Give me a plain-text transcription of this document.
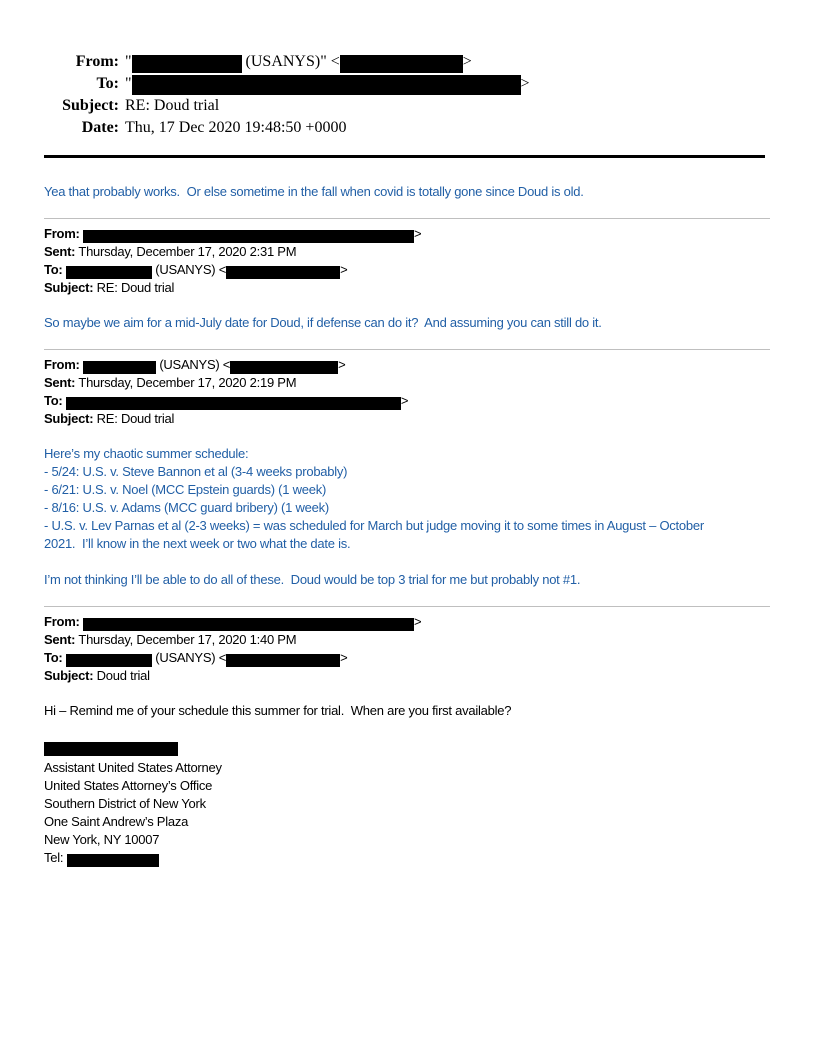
From: "	(USANYS)" <	>
To: "	>
Subject: RE: Doud trial
Date: Thu, 17 Dec 2020 19:48:50 +0000
Yea that probably works.  Or else sometime in the fall when covid is totally gone since Doud is old.
From:	>
Sent: Thursday, December 17, 2020 2:31 PM
To:	(USANYS) <	>
Subject: RE: Doud trial
So maybe we aim for a mid-July date for Doud, if defense can do it?  And assuming you can still do it.
From:	(USANYS) <	>
Sent: Thursday, December 17, 2020 2:19 PM
To:	>
Subject: RE: Doud trial
Here’s my chaotic summer schedule:
- 5/24: U.S. v. Steve Bannon et al (3-4 weeks probably)
- 6/21: U.S. v. Noel (MCC Epstein guards) (1 week)
- 8/16: U.S. v. Adams (MCC guard bribery) (1 week)
- U.S. v. Lev Parnas et al (2-3 weeks) = was scheduled for March but judge moving it to some times in August – October
2021.  I’ll know in the next week or two what the date is.
I’m not thinking I’ll be able to do all of these.  Doud would be top 3 trial for me but probably not #1.
From:	>
Sent: Thursday, December 17, 2020 1:40 PM
To:	(USANYS) <	>
Subject: Doud trial
Hi – Remind me of your schedule this summer for trial.  When are you first available?
Assistant United States Attorney
United States Attorney’s Office
Southern District of New York
One Saint Andrew’s Plaza
New York, NY 10007
Tel:
